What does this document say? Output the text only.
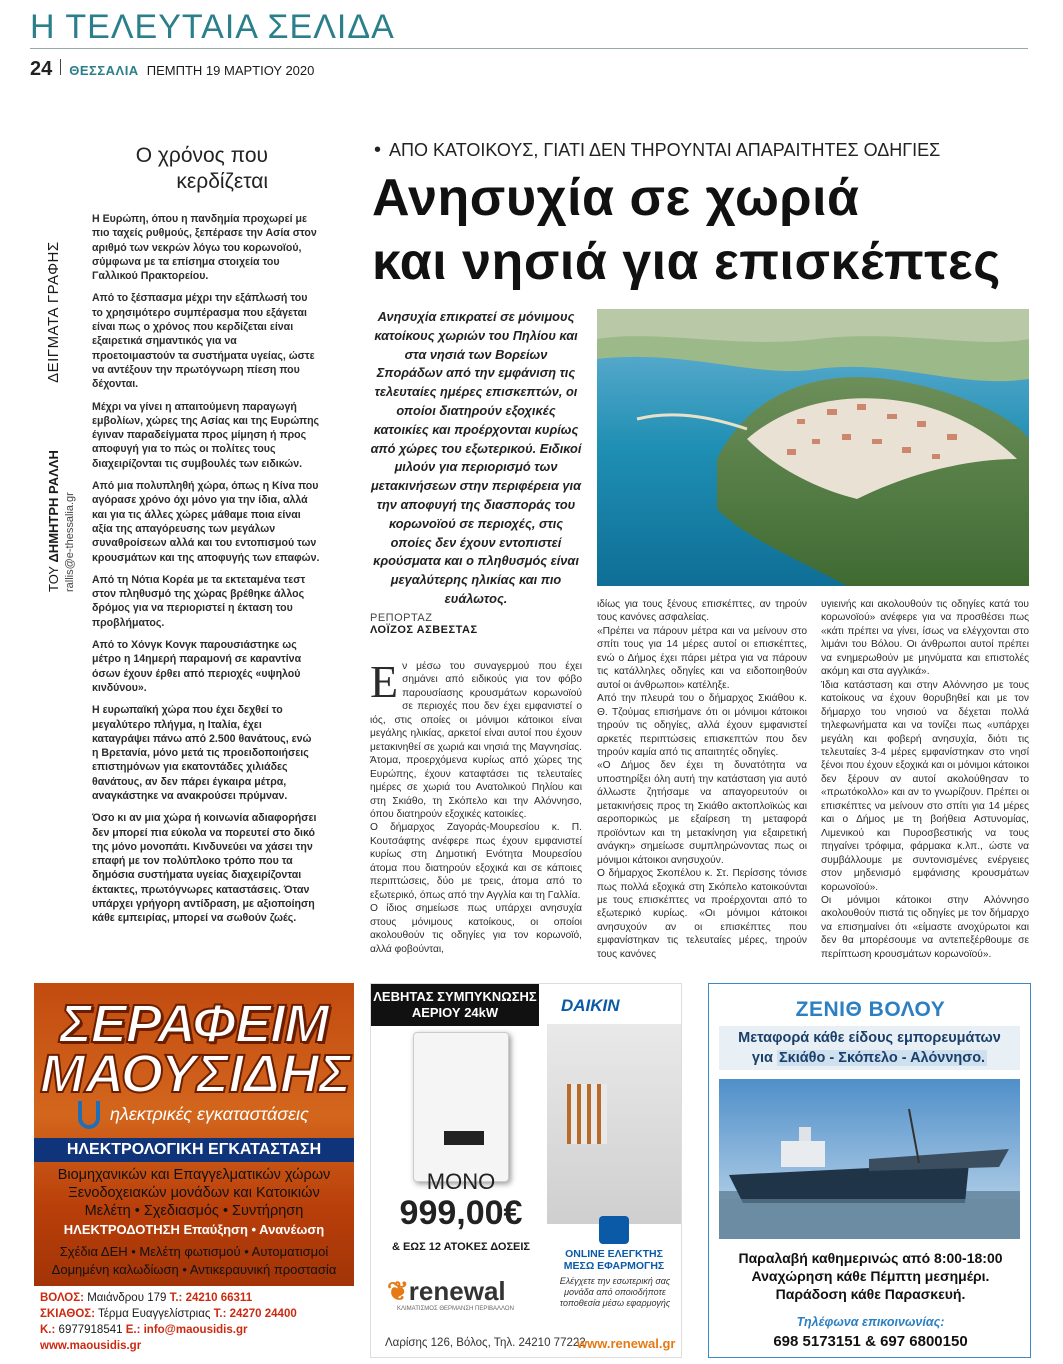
Η ΤΕΛΕΥΤΑΙΑ ΣΕΛΙΔΑ
24 ΘΕΣΣΑΛΙΑ ΠΕΜΠΤΗ 19 ΜΑΡΤΙΟΥ 2020
Ο χρόνος που κερδίζεται
ΤΟΥ ΔΗΜΗΤΡΗ ΡΑΛΛΗ  ΔΕΙΓΜΑΤΑ ΓΡΑΦΗΣ
rallis@e-thessalia.gr

Η Ευρώπη, όπου η πανδημία προχωρεί με πιο ταχείς ρυθμούς, ξεπέρασε την Ασία στον αριθμό των νεκρών λόγω του κορωνοϊού, σύμφωνα με τα επίσημα στοιχεία του Γαλλικού Πρακτορείου.

Από το ξέσπασμα μέχρι την εξάπλωσή του το χρησιμότερο συμπέρασμα που εξάγεται είναι πως ο χρόνος που κερδίζεται είναι εξαιρετικά σημαντικός για να προετοιμαστούν τα συστήματα υγείας, ώστε να αντέξουν την πρωτόγνωρη πίεση που δέχονται.

Μέχρι να γίνει η απαιτούμενη παραγωγή εμβολίων, χώρες της Ασίας και της Ευρώπης έγιναν παραδείγματα προς μίμηση ή προς αποφυγή για το πώς οι πολίτες τους διαχειρίζονται τις συμβουλές των ειδικών.

Από μια πολυπληθή χώρα, όπως η Κίνα που αγόρασε χρόνο όχι μόνο για την ίδια, αλλά και για τις άλλες χώρες μάθαμε ποια είναι αξία της απαγόρευσης των μεγάλων συναθροίσεων αλλά και του εντοπισμού των κρουσμάτων και της αποφυγής των επαφών.

Από τη Νότια Κορέα με τα εκτεταμένα τεστ στον πληθυσμό της χώρας βρέθηκε άλλος δρόμος για να περιοριστεί η έκταση του προβλήματος.

Από το Χόνγκ Κονγκ παρουσιάστηκε ως μέτρο η 14ημερή παραμονή σε καραντίνα όσων έχουν έρθει από περιοχές «υψηλού κινδύνου».

Η ευρωπαϊκή χώρα που έχει δεχθεί το μεγαλύτερο πλήγμα, η Ιταλία, έχει καταγράψει πάνω από 2.500 θανάτους, ενώ η Βρετανία, μόνο μετά τις προειδοποιήσεις επιστημόνων για εκατοντάδες χιλιάδες θανάτους, αν δεν πάρει έγκαιρα μέτρα, αναγκάστηκε να ανακρούσει πρύμναν.

Όσο κι αν μια χώρα ή κοινωνία αδιαφορήσει δεν μπορεί πια εύκολα να πορευτεί στο δικό της μόνο μονοπάτι. Κινδυνεύει να χάσει την επαφή με τον πολύπλοκο τρόπο που τα δημόσια συστήματα υγείας διαχειρίζονται έκτακτες, πρωτόγνωρες καταστάσεις. Όταν υπάρχει γρήγορη αντίδραση, με αξιοποίηση κάθε εμπειρίας, μπορεί να σωθούν ζωές.

• ΑΠΟ ΚΑΤΟΙΚΟΥΣ, ΓΙΑΤΙ ΔΕΝ ΤΗΡΟΥΝΤΑΙ ΑΠΑΡΑΙΤΗΤΕΣ ΟΔΗΓΙΕΣ
Ανησυχία σε χωριά
και νησιά για επισκέπτες
Ανησυχία επικρατεί σε μόνιμους κατοίκους χωριών του Πηλίου και στα νησιά των Βορείων Σποράδων από την εμφάνιση τις τελευταίες ημέρες επισκεπτών, οι οποίοι διατηρούν εξοχικές κατοικίες και προέρχονται κυρίως από χώρες του εξωτερικού. Ειδικοί μιλούν για περιορισμό των μετακινήσεων στην περιφέρεια για την αποφυγή της διασποράς του κορωνοϊού σε περιοχές, στις οποίες δεν έχουν εντοπιστεί κρούσματα και ο πληθυσμός είναι μεγαλύτερης ηλικίας και πιο ευάλωτος.
ΡΕΠΟΡΤΑΖ
ΛΟΪΖΟΣ ΑΣΒΕΣΤΑΣ
Εν μέσω του συναγερμού που έχει σημάνει από ειδικούς για τον φόβο παρουσίασης κρουσμάτων κορωνοϊού σε περιοχές που δεν έχει εμφανιστεί ο ιός, στις οποίες οι μόνιμοι κάτοικοι είναι μεγάλης ηλικίας, αρκετοί είναι αυτοί που έχουν μετακινηθεί σε χωριά και νησιά της Μαγνησίας. Άτομα, προερχόμενα κυρίως από χώρες της Ευρώπης, έχουν καταφτάσει τις τελευταίες ημέρες σε χωριά του Ανατολικού Πηλίου και στη Σκιάθο, τη Σκόπελο και την Αλόννησο, όπου διατηρούν εξοχικές κατοικίες.
Ο δήμαρχος Ζαγοράς-Μουρεσίου κ. Π. Κουτσάφτης ανέφερε πως έχουν εμφανιστεί κυρίως στη Δημοτική Ενότητα Μουρεσίου άτομα που διατηρούν εξοχικά και σε κάποιες περιπτώσεις, δύο με τρεις, άτομα από το εξωτερικό, όπως από την Αγγλία και τη Γαλλία.
Ο ίδιος σημείωσε πως υπάρχει ανησυχία στους μόνιμους κατοίκους, οι οποίοι ακολουθούν τις οδηγίες για τον κορωνοϊό, αλλά φοβούνται,
ιδίως για τους ξένους επισκέπτες, αν τηρούν τους κανόνες ασφαλείας.
«Πρέπει να πάρουν μέτρα και να μείνουν στο σπίτι τους για 14 μέρες αυτοί οι επισκέπτες, ενώ ο Δήμος έχει πάρει μέτρα για να πάρουν τις κατάλληλες οδηγίες και να ειδοποιηθούν αυτοί οι άνθρωποι» κατέληξε.
Από την πλευρά του ο δήμαρχος Σκιάθου κ. Θ. Τζούμας επισήμανε ότι οι μόνιμοι κάτοικοι τηρούν τις οδηγίες, αλλά έχουν εμφανιστεί αρκετές περιπτώσεις επισκεπτών που δεν τηρούν καμία από τις απαιτητές οδηγίες.
«Ο Δήμος δεν έχει τη δυνατότητα να υποστηρίξει όλη αυτή την κατάσταση για αυτό άλλωστε ζητήσαμε να απαγορευτούν οι μετακινήσεις προς τη Σκιάθο ακτοπλοϊκώς και αεροπορικώς με εξαίρεση τη μεταφορά προϊόντων και τη μετακίνηση για εξαιρετική ανάγκη» σημείωσε συμπληρώνοντας πως οι μόνιμοι κάτοικοι ανησυχούν.
Ο δήμαρχος Σκοπέλου κ. Στ. Περίσσης τόνισε πως πολλά εξοχικά στη Σκόπελο κατοικούνται με τους επισκέπτες να προέρχονται από το εξωτερικό κυρίως. «Οι μόνιμοι κάτοικοι ανησυχούν αν οι επισκέπτες που εμφανίστηκαν τις τελευταίες μέρες, τηρούν τους κανόνες
υγιεινής και ακολουθούν τις οδηγίες κατά του κορωνοϊού» ανέφερε για να προσθέσει πως «κάτι πρέπει να γίνει, ίσως να ελέγχονται στο λιμάνι του Βόλου. Οι άνθρωποι αυτοί πρέπει να ενημερωθούν με μηνύματα και επιστολές ακόμη και στα αγγλικά».
Ίδια κατάσταση και στην Αλόννησο με τους κατοίκους να έχουν θορυβηθεί και με τον δήμαρχο του νησιού να δέχεται πολλά τηλεφωνήματα και να τονίζει πως «υπάρχει μεγάλη και φοβερή ανησυχία, διότι τις τελευταίες 3-4 μέρες εμφανίστηκαν στο νησί ξένοι που έχουν εξοχικά και οι μόνιμοι κάτοικοι δεν ξέρουν αν αυτοί ακολούθησαν το «πρωτόκολλο» και αν το γνωρίζουν. Πρέπει οι επισκέπτες να μείνουν στο σπίτι για 14 μέρες και ο Δήμος με τη βοήθεια Αστυνομίας, Λιμενικού και Πυροσβεστικής να τους πηγαίνει τρόφιμα, φάρμακα κ.λπ., ώστε να συμβάλλουμε με συντονισμένες ενέργειες στον μηδενισμό εμφάνισης κρουσμάτων κορωνοϊού».
Οι μόνιμοι κάτοικοι στην Αλόννησο ακολουθούν πιστά τις οδηγίες με τον δήμαρχο να επισημαίνει ότι «είμαστε ανοχύρωτοι και δεν θα μπορέσουμε να αντεπεξέρθουμε σε περίπτωση κρουσμάτων κορωνοϊού».
ΣΕΡΑΦΕΙΜ
ΜΑΟΥΣΙΔΗΣ
ηλεκτρικές εγκαταστάσεις
ΗΛΕΚΤΡΟΛΟΓΙΚΗ ΕΓΚΑΤΑΣΤΑΣΗ
Βιομηχανικών και Επαγγελματικών χώρων
Ξενοδοχειακών μονάδων και Κατοικιών
Μελέτη • Σχεδιασμός • Συντήρηση
ΗΛΕΚΤΡΟΔΟΤΗΣΗ Επαύξηση • Ανανέωση
Σχέδια ΔΕΗ • Μελέτη φωτισμού • Αυτοματισμοί
Δομημένη καλωδίωση • Αντικεραυνική προστασία
ΒΟΛΟΣ: Μαιάνδρου 179 Τ.: 24210 66311
ΣΚΙΑΘΟΣ: Τέρμα Ευαγγελίστριας Τ.: 24270 24400
Κ.: 6977918541 Ε.: info@maousidis.gr www.maousidis.gr
ΛΕΒΗΤΑΣ ΣΥΜΠΥΚΝΩΣΗΣ ΑΕΡΙΟΥ 24kW	DAIKIN
ΜΟΝΟ
999,00€
& ΕΩΣ 12 ΑΤΟΚΕΣ ΔΟΣΕΙΣ
❦renewal
ΚΛΙΜΑΤΙΣΜΟΣ ΘΕΡΜΑΝΣΗ ΠΕΡΙΒΑΛΛΟΝ
ONLINE ΕΛΕΓΚΤΗΣ ΜΕΣΩ ΕΦΑΡΜΟΓΗΣ
Ελέγχετε την εσωτερική σας μονάδα από οποιοδήποτε τοποθεσία μέσω εφαρμογής
Λαρίσης 126, Βόλος, Τηλ. 24210 77222
www.renewal.gr
ΖΕΝΙΘ ΒΟΛΟΥ
Μεταφορά κάθε είδους εμπορευμάτων
για Σκιάθο - Σκόπελο - Αλόννησο.
Παραλαβή καθημερινώς από 8:00-18:00
Αναχώρηση κάθε Πέμπτη μεσημέρι.
Παράδοση κάθε Παρασκευή.
Τηλέφωνα επικοινωνίας:
698 5173151 & 697 6800150
